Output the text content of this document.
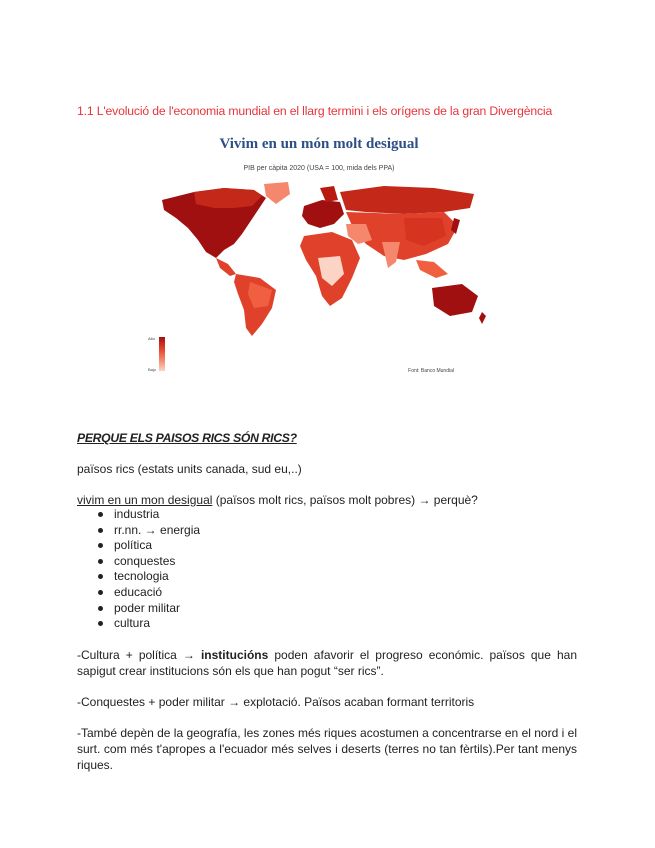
1.1 L'evolució de l'economia mundial en el llarg termini i els orígens de la gran Divergència
Vivim en un món molt desigual
PIB per càpita 2020 (USA = 100, mida dels PPA)
Alto
Bajo	Font: Banco Mundial
PERQUE ELS PAISOS RICS SÓN RICS?
països rics (estats units canada, sud eu,..)
vivim en un mon desigual (països molt rics, països molt pobres) → perquè?
industria
rr.nn. → energia
política
conquestes
tecnologia
educació
poder militar
cultura
-Cultura + política → institucións poden afavorir el progreso económic. països que han sapigut crear institucions són els que han pogut “ser rics”.
-Conquestes + poder militar → explotació. Països acaban formant territoris
-També depèn de la geografía, les zones més riques acostumen a concentrarse en el nord i el surt. com més t'apropes a l'ecuador més selves i deserts (terres no tan fèrtils).Per tant menys riques.
